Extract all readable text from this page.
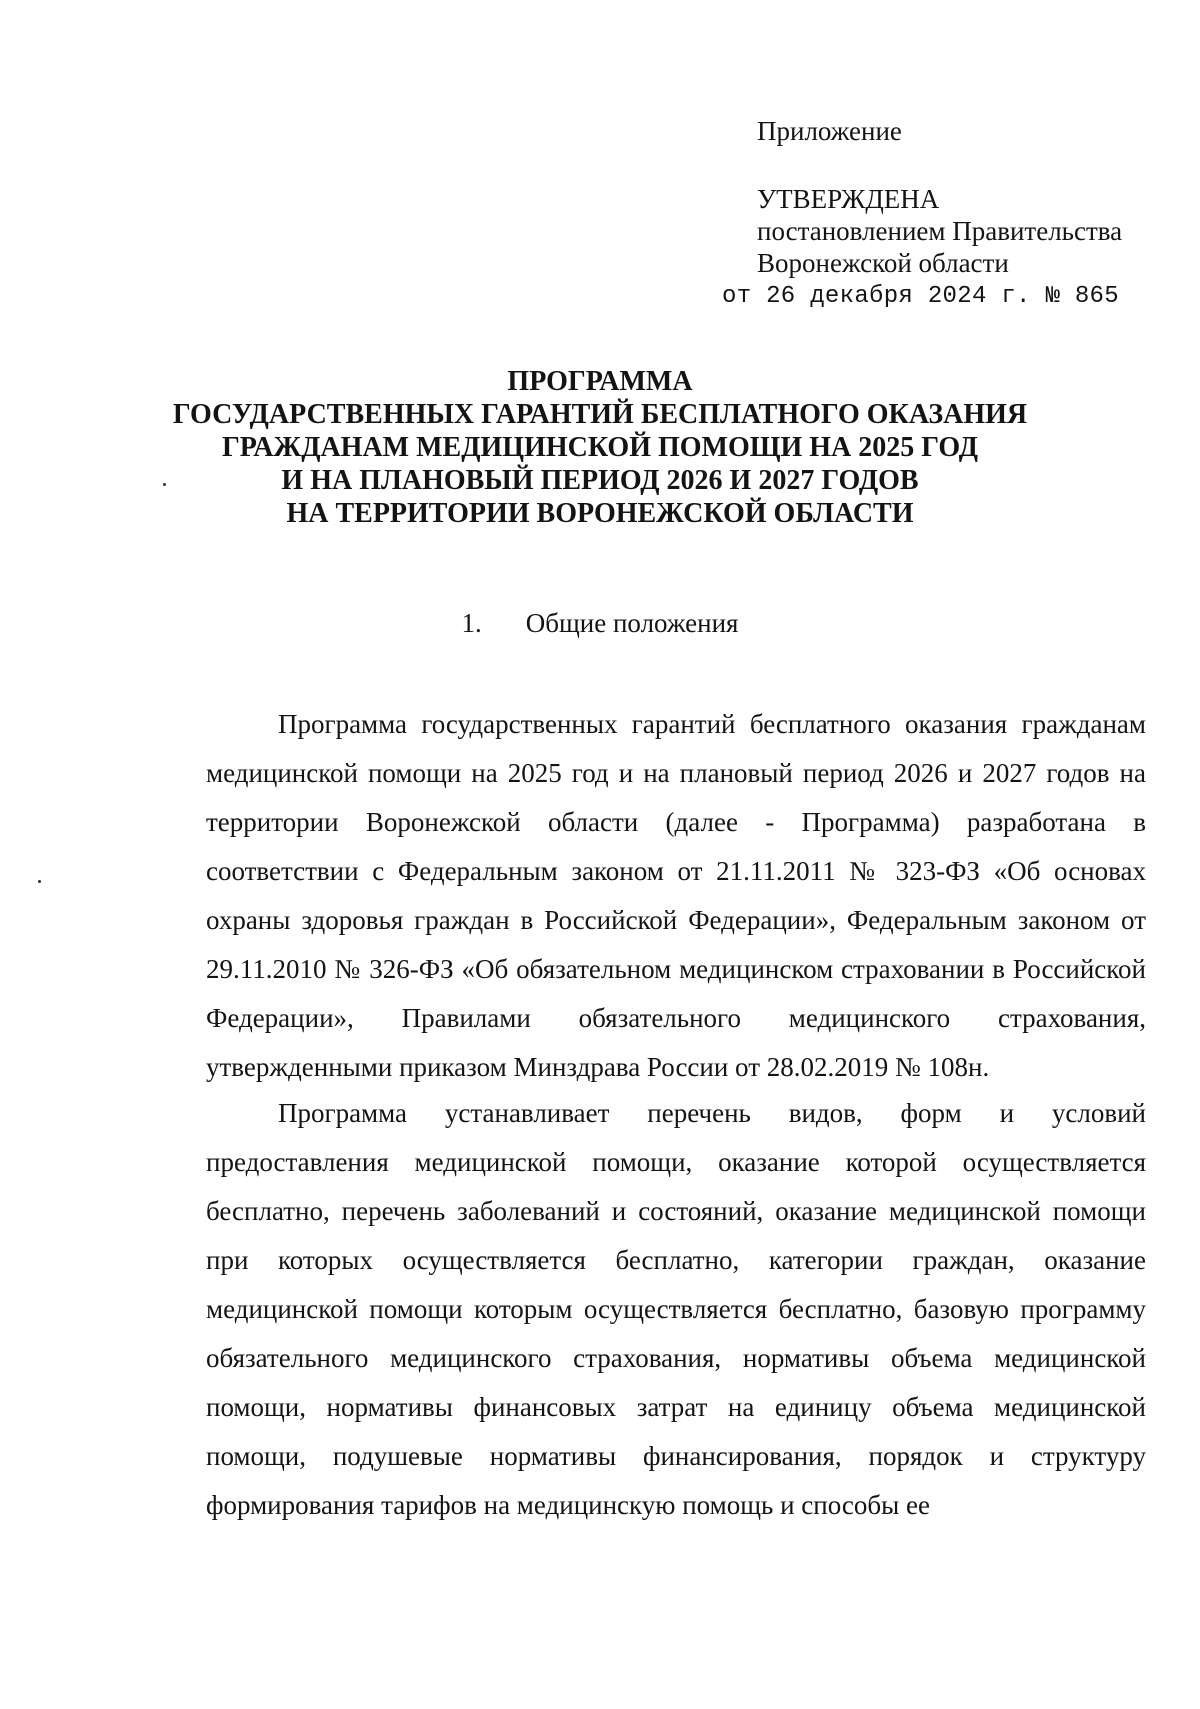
Приложение
УТВЕРЖДЕНА
постановлением Правительства
Воронежской области
от 26 декабря 2024 г. № 865
ПРОГРАММА
ГОСУДАРСТВЕННЫХ ГАРАНТИЙ БЕСПЛАТНОГО ОКАЗАНИЯ
ГРАЖДАНАМ МЕДИЦИНСКОЙ ПОМОЩИ НА 2025 ГОД
И НА ПЛАНОВЫЙ ПЕРИОД 2026 И 2027 ГОДОВ
НА ТЕРРИТОРИИ ВОРОНЕЖСКОЙ ОБЛАСТИ
1. Общие положения

Программа государственных гарантий бесплатного оказания гражданам медицинской помощи на 2025 год и на плановый период 2026 и 2027 годов на территории Воронежской области (далее - Программа) разработана в соответствии с Федеральным законом от 21.11.2011 № 323-ФЗ «Об основах охраны здоровья граждан в Российской Федерации», Федеральным законом от 29.11.2010 № 326-ФЗ «Об обязательном медицинском страховании в Российской Федерации», Правилами обязательного медицинского страхования, утвержденными приказом Минздрава России от 28.02.2019 № 108н.

Программа устанавливает перечень видов, форм и условий предоставления медицинской помощи, оказание которой осуществляется бесплатно, перечень заболеваний и состояний, оказание медицинской помощи при которых осуществляется бесплатно, категории граждан, оказание медицинской помощи которым осуществляется бесплатно, базовую программу обязательного медицинского страхования, нормативы объема медицинской помощи, нормативы финансовых затрат на единицу объема медицинской помощи, подушевые нормативы финансирования, порядок и структуру формирования тарифов на медицинскую помощь и способы ее
